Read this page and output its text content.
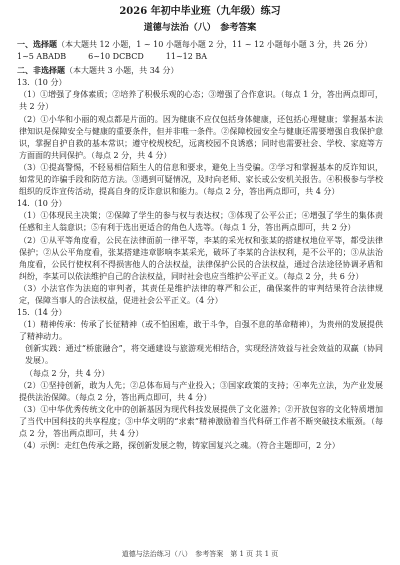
2026 年初中毕业班（九年级）练习
道德与法治（八）　参考答案
一、选择题（本大题共 12 小题，1 ~ 10 小题每小题 2 分，11 ~ 12 小题每小题 3 分，共 26 分）
1~5 ABADB	6~10 DCBCD	11~12 BA
二、非选择题（本大题共 3 小题，共 34 分）

13.（10 分）

（1）①增强了身体素质；②培养了积极乐观的心态；③增强了合作意识。（每点 1 分，答出两点即可，共 2 分）

（2）①小华和小丽的观点都是片面的。因为健康不应仅包括身体健康，还包括心理健康；掌握基本法律知识是保障安全与健康的重要条件，但并非唯一条件。②保障校园安全与健康还需要增强自我保护意识，掌握自护自救的基本常识；遵守校规校纪，远离校园不良诱惑；同时也需要社会、学校、家庭等方方面面的共同保护。（每点 2 分，共 4 分）

（3）①提高警惕，不轻易相信陌生人的信息和要求，避免上当受骗。②学习和掌握基本的反诈知识，如常见的诈骗手段和防范方法。③遇到可疑情况，及时向老师、家长或公安机关报告。④积极参与学校组织的反诈宣传活动，提高自身的反诈意识和能力。（每点 2 分，答出两点即可，共 4 分）

14.（10 分）

（1）①体现民主决策；②保障了学生的参与权与表达权；③体现了公平公正；④增强了学生的集体责任感和主人翁意识；⑤有利于选出更适合的角色人选等。（每点 1 分，答出两点即可，共 2 分）

（2）①从平等角度看，公民在法律面前一律平等，李某的采光权和张某的搭建权地位平等，都受法律保护；②从公平角度看，张某搭建违章影响李某采光，破坏了李某的合法权利，是不公平的；③从法治角度看，公民行使权利不得损害他人的合法权益，法律保护公民的合法权益，通过合法途径协调矛盾和纠纷，李某可以依法维护自己的合法权益，同时社会也应当维护公平正义。（每点 2 分，共 6 分）

（3）小法官作为法庭的审判者，其责任是维护法律的尊严和公正，确保案件的审判结果符合法律规定，保障当事人的合法权益，促进社会公平正义。（4 分）

15.（14 分）

（1）精神传承：传承了长征精神（或不怕困难，敢于斗争，自强不息的革命精神），为贵州的发展提供了精神动力。

创新实践：通过“桥旅融合”，将交通建设与旅游观光相结合，实现经济效益与社会效益的双赢（协同发展）。

（每点 2 分，共 4 分）

（2）①坚持创新，敢为人先；②总体布局与产业投入；③国家政策的支持；④率先立法，为产业发展提供法治保障。（每点 2 分，答出两点即可，共 4 分）

（3）①中华优秀传统文化中的创新基因为现代科技发展提供了文化滋养；②开放包容的文化特质增加了当代中国科技的共享程度；③中华文明的“求索”精神激励着当代科研工作者不断突破技术瓶颈。（每点 2 分，答出两点即可，共 4 分）

（4）示例：走红色传承之路，探创新发展之物，铸家国复兴之魂。（符合主题即可，2 分）

道德与法治练习（八）　参考答案　第 1 页 共 1 页
